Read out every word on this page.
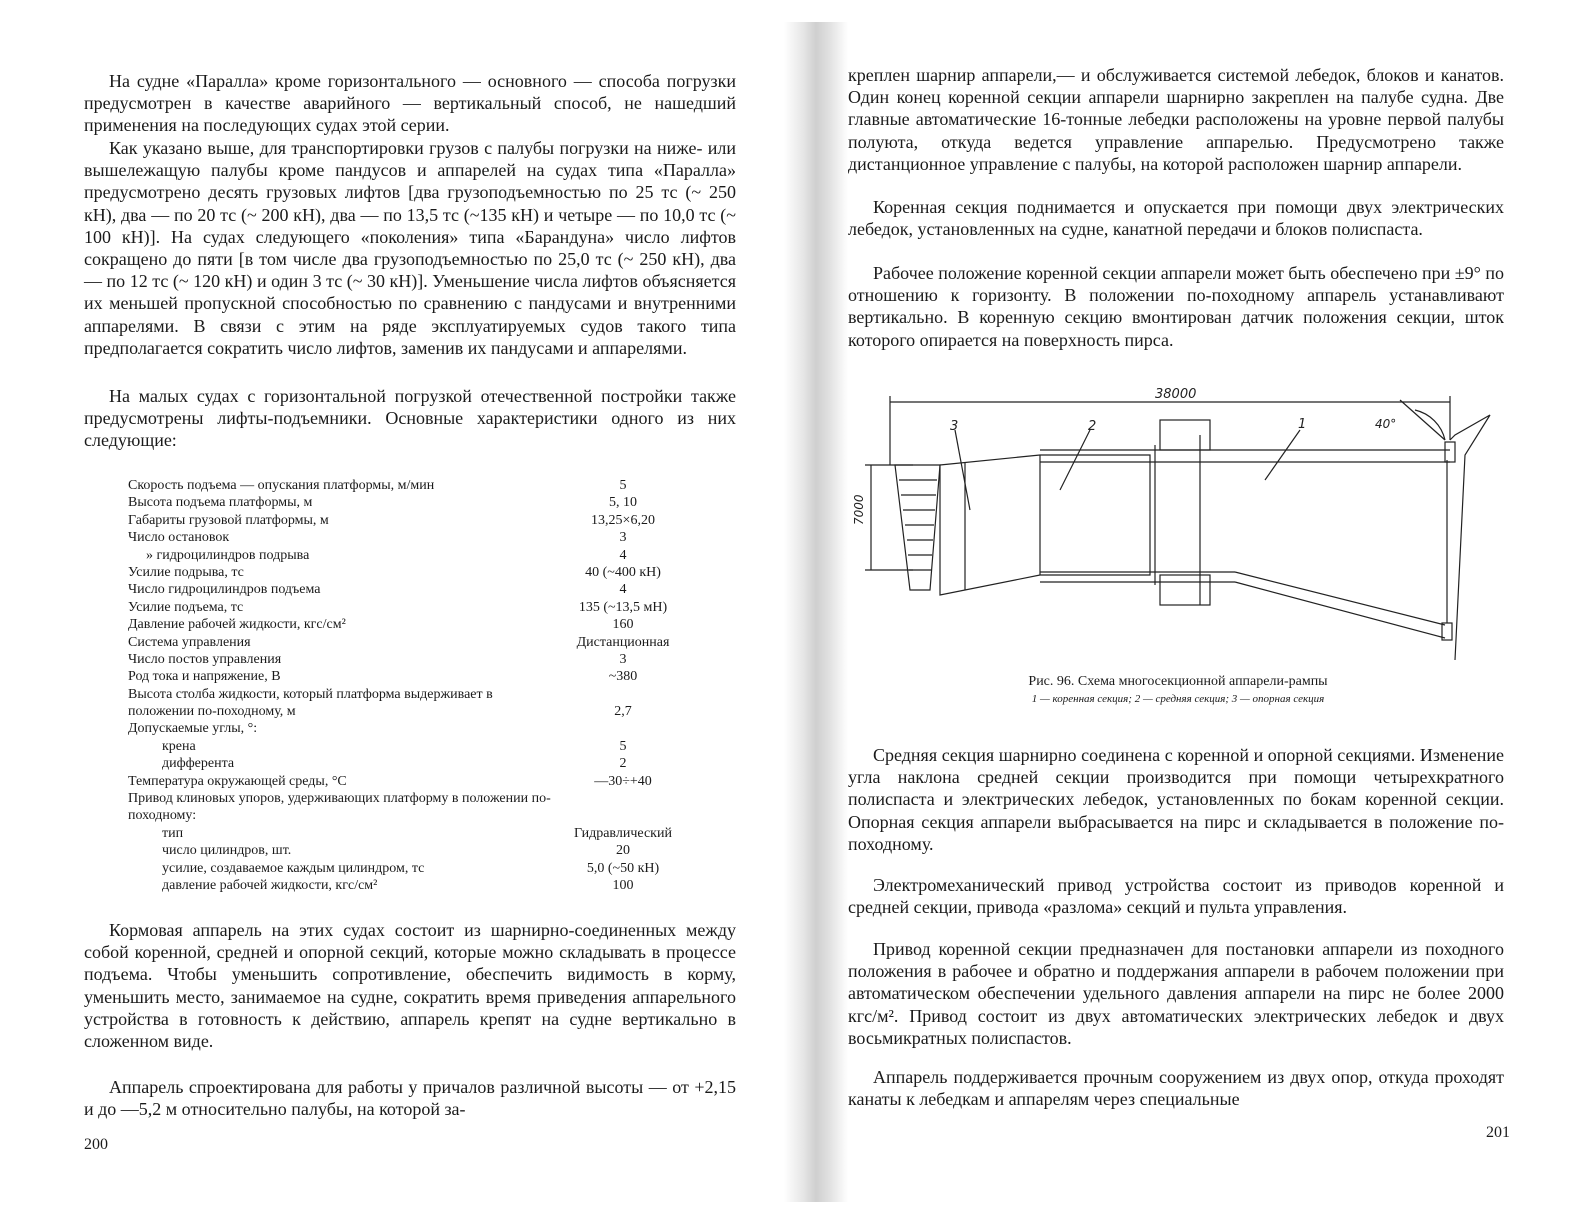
На судне «Паралла» кроме горизонтального — основного — способа погрузки предусмотрен в качестве аварийного — вертикальный способ, не нашедший применения на последующих судах этой серии.

Как указано выше, для транспортировки грузов с палубы погрузки на ниже- или вышележащую палубы кроме пандусов и аппарелей на судах типа «Паралла» предусмотрено десять грузовых лифтов [два грузоподъемностью по 25 тс (~ 250 кН), два — по 20 тс (~ 200 кН), два — по 13,5 тс (~135 кН) и четыре — по 10,0 тс (~ 100 кН)]. На судах следующего «поколения» типа «Барандуна» число лифтов сокращено до пяти [в том числе два грузоподъемностью по 25,0 тс (~ 250 кН), два — по 12 тс (~ 120 кН) и один 3 тс (~ 30 кН)]. Уменьшение числа лифтов объясняется их меньшей пропускной способностью по сравнению с пандусами и внутренними аппарелями. В связи с этим на ряде эксплуатируемых судов такого типа предполагается сократить число лифтов, заменив их пандусами и аппарелями.

На малых судах с горизонтальной погрузкой отечественной постройки также предусмотрены лифты-подъемники. Основные характеристики одного из них следующие:

Скорость подъема — опускания платформы, м/мин	5
Высота подъема платформы, м	5, 10
Габариты грузовой платформы, м	13,25×6,20
Число остановок	3
» гидроцилиндров подрыва	4
Усилие подрыва, тс	40 (~400 кН)
Число гидроцилиндров подъема	4
Усилие подъема, тс	135 (~13,5 мН)
Давление рабочей жидкости, кгс/см²	160
Система управления	Дистанционная
Число постов управления	3
Род тока и напряжение, В	~380
Высота столба жидкости, который платформа выдерживает в положении по-походному, м	2,7
Допускаемые углы, °:
крена	5
дифферента	2
Температура окружающей среды, °С	—30÷+40
Привод клиновых упоров, удерживающих платформу в положении по-походному:
тип	Гидравлический
число цилиндров, шт.	20
усилие, создаваемое каждым цилиндром, тс	5,0 (~50 кН)
давление рабочей жидкости, кгс/см²	100

Кормовая аппарель на этих судах состоит из шарнирно-соединенных между собой коренной, средней и опорной секций, которые можно складывать в процессе подъема. Чтобы уменьшить сопротивление, обеспечить видимость в корму, уменьшить место, занимаемое на судне, сократить время приведения аппарельного устройства в готовность к действию, аппарель крепят на судне вертикально в сложенном виде.

Аппарель спроектирована для работы у причалов различной высоты — от +2,15 и до —5,2 м относительно палубы, на которой за-

200

креплен шарнир аппарели,— и обслуживается системой лебедок, блоков и канатов. Один конец коренной секции аппарели шарнирно закреплен на палубе судна. Две главные автоматические 16-тонные лебедки расположены на уровне первой палубы полуюта, откуда ведется управление аппарелью. Предусмотрено также дистанционное управление с палубы, на которой расположен шарнир аппарели.

Коренная секция поднимается и опускается при помощи двух электрических лебедок, установленных на судне, канатной передачи и блоков полиспаста.

Рабочее положение коренной секции аппарели может быть обеспечено при ±9° по отношению к горизонту. В положении по-походному аппарель устанавливают вертикально. В коренную секцию вмонтирован датчик положения секции, шток которого опирается на поверхность пирса.

38000
7000
40°
3	2	1
Рис. 96. Схема многосекционной аппарели-рампы
1 — коренная секция; 2 — средняя секция; 3 — опорная секция

Средняя секция шарнирно соединена с коренной и опорной секциями. Изменение угла наклона средней секции производится при помощи четырехкратного полиспаста и электрических лебедок, установленных по бокам коренной секции. Опорная секция аппарели выбрасывается на пирс и складывается в положение по-походному.

Электромеханический привод устройства состоит из приводов коренной и средней секции, привода «разлома» секций и пульта управления.

Привод коренной секции предназначен для постановки аппарели из походного положения в рабочее и обратно и поддержания аппарели в рабочем положении при автоматическом обеспечении удельного давления аппарели на пирс не более 2000 кгс/м². Привод состоит из двух автоматических электрических лебедок и двух восьмикратных полиспастов.

Аппарель поддерживается прочным сооружением из двух опор, откуда проходят канаты к лебедкам и аппарелям через специальные

201
